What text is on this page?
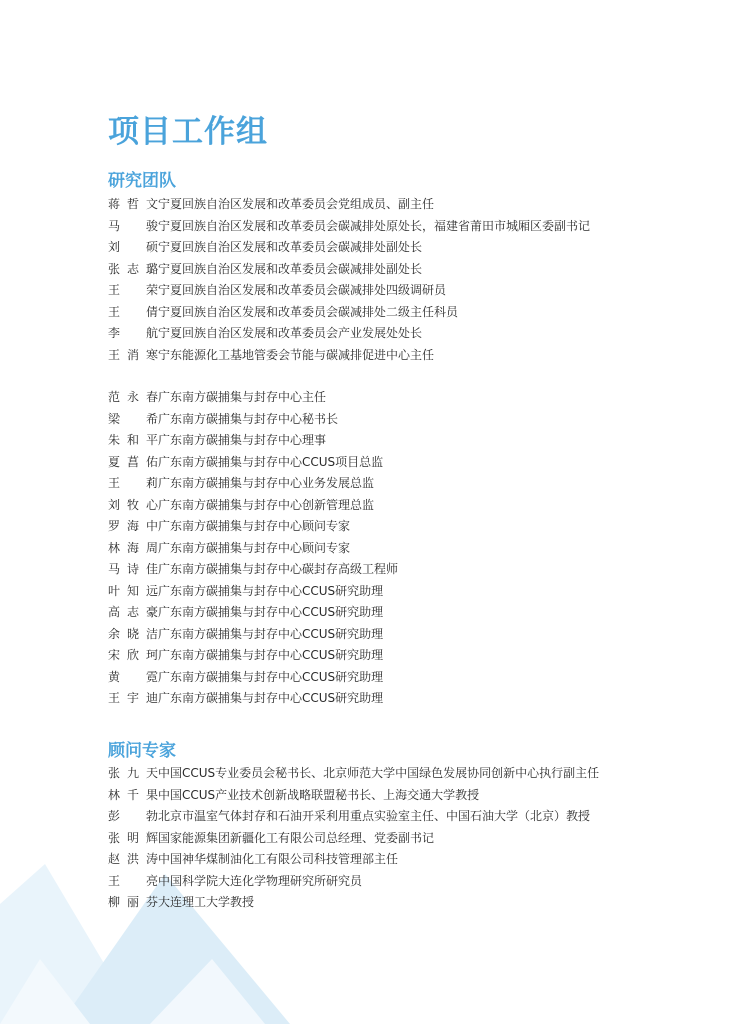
项目工作组
研究团队
蒋哲文 宁夏回族自治区发展和改革委员会党组成员、副主任
马　骏 宁夏回族自治区发展和改革委员会碳减排处原处长，福建省莆田市城厢区委副书记
刘　硕 宁夏回族自治区发展和改革委员会碳减排处副处长
张志璐 宁夏回族自治区发展和改革委员会碳减排处副处长
王　荣 宁夏回族自治区发展和改革委员会碳减排处四级调研员
王　倩 宁夏回族自治区发展和改革委员会碳减排处二级主任科员
李　航 宁夏回族自治区发展和改革委员会产业发展处处长
王消寒 宁东能源化工基地管委会节能与碳减排促进中心主任
范永春 广东南方碳捕集与封存中心主任
梁　希 广东南方碳捕集与封存中心秘书长
朱和平 广东南方碳捕集与封存中心理事
夏菖佑 广东南方碳捕集与封存中心CCUS项目总监
王　莉 广东南方碳捕集与封存中心业务发展总监
刘牧心 广东南方碳捕集与封存中心创新管理总监
罗海中 广东南方碳捕集与封存中心顾问专家
林海周 广东南方碳捕集与封存中心顾问专家
马诗佳 广东南方碳捕集与封存中心碳封存高级工程师
叶知远 广东南方碳捕集与封存中心CCUS研究助理
高志豪 广东南方碳捕集与封存中心CCUS研究助理
余晓洁 广东南方碳捕集与封存中心CCUS研究助理
宋欣珂 广东南方碳捕集与封存中心CCUS研究助理
黄　霓 广东南方碳捕集与封存中心CCUS研究助理
王宇迪 广东南方碳捕集与封存中心CCUS研究助理
顾问专家
张九天 中国CCUS专业委员会秘书长、北京师范大学中国绿色发展协同创新中心执行副主任
林千果 中国CCUS产业技术创新战略联盟秘书长、上海交通大学教授
彭　勃 北京市温室气体封存和石油开采利用重点实验室主任、中国石油大学（北京）教授
张明辉 国家能源集团新疆化工有限公司总经理、党委副书记
赵洪涛 中国神华煤制油化工有限公司科技管理部主任
王　亮 中国科学院大连化学物理研究所研究员
柳丽芬 大连理工大学教授
